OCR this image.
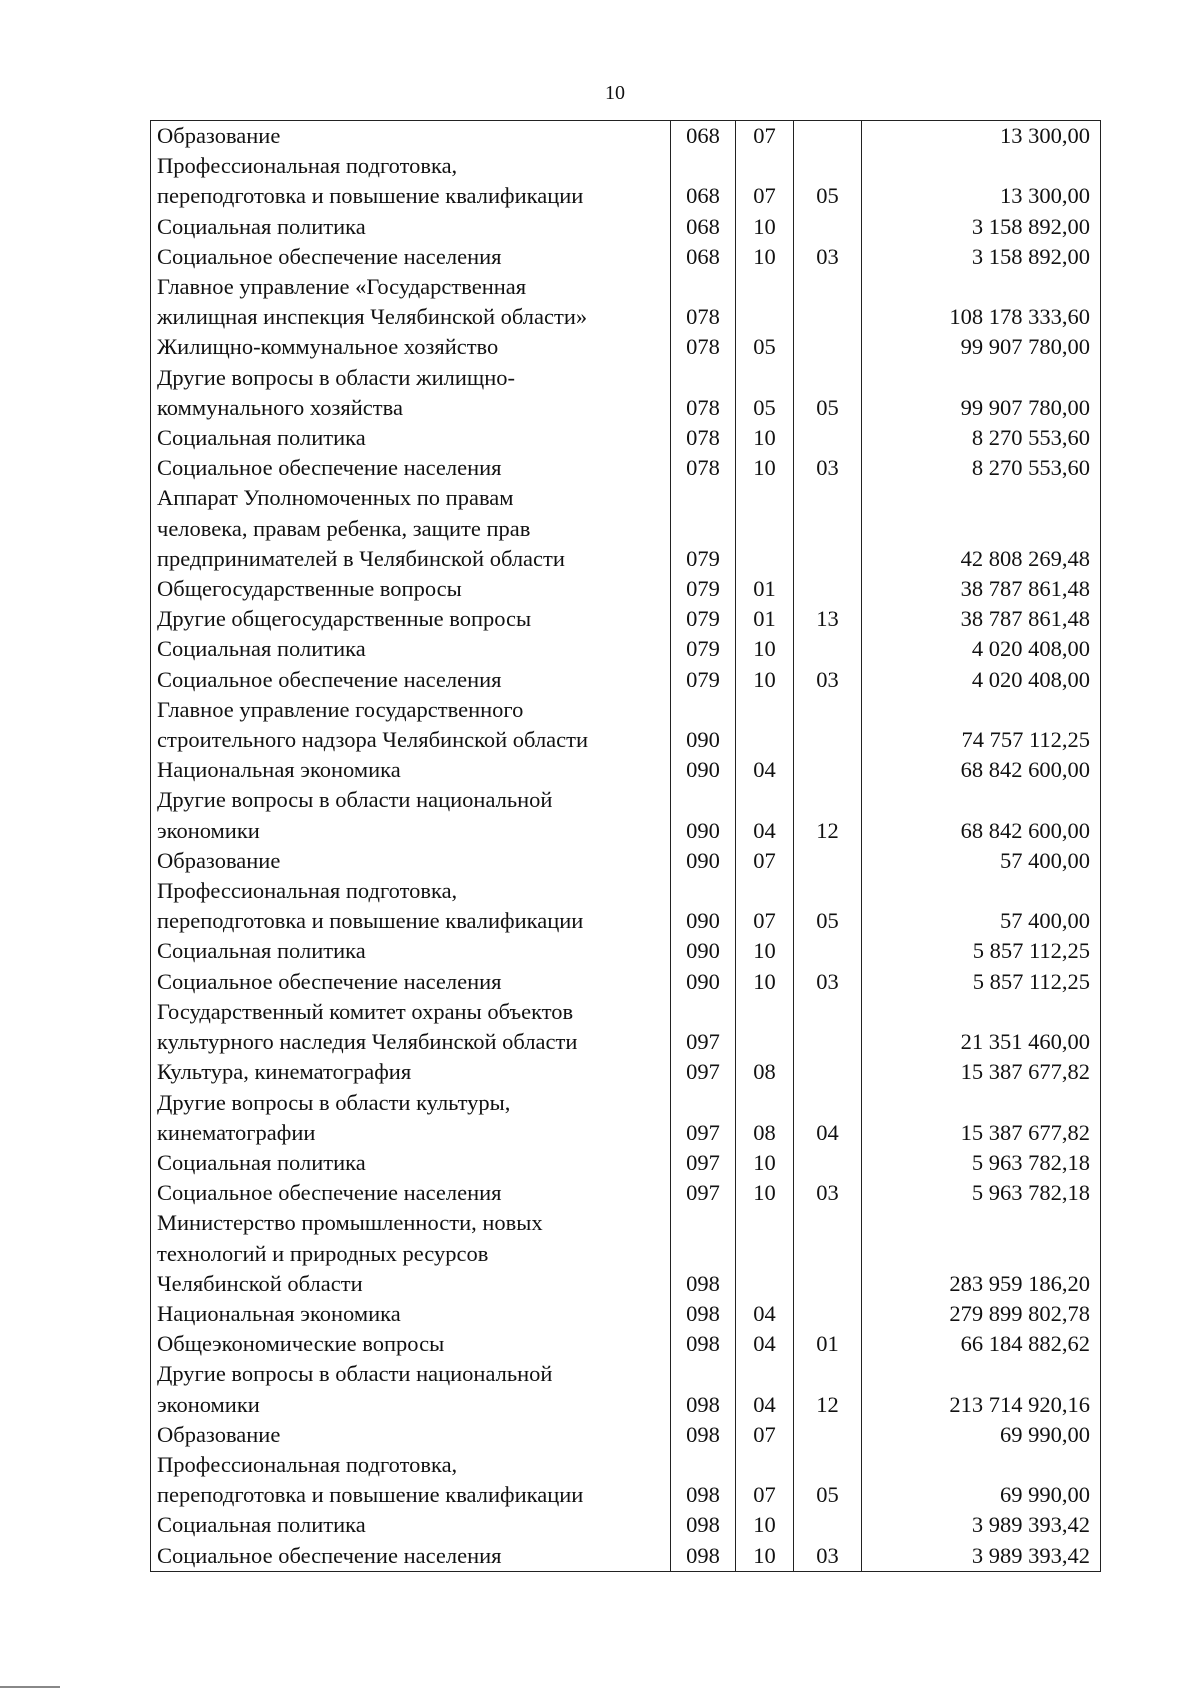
10
Образование	068	07		13 300,00

Профессиональная подготовка,
переподготовка и повышение квалификации	068	07	05	13 300,00

Социальная политика	068	10		3 158 892,00

Социальное обеспечение населения	068	10	03	3 158 892,00

Главное управление «Государственная
жилищная инспекция Челябинской области»	078			108 178 333,60

Жилищно-коммунальное хозяйство	078	05		99 907 780,00

Другие вопросы в области жилищно-
коммунального хозяйства	078	05	05	99 907 780,00

Социальная политика	078	10		8 270 553,60

Социальное обеспечение населения	078	10	03	8 270 553,60

Аппарат Уполномоченных по правам
человека, правам ребенка, защите прав
предпринимателей в Челябинской области	079			42 808 269,48

Общегосударственные вопросы	079	01		38 787 861,48

Другие общегосударственные вопросы	079	01	13	38 787 861,48

Социальная политика	079	10		4 020 408,00

Социальное обеспечение населения	079	10	03	4 020 408,00

Главное управление государственного
строительного надзора Челябинской области	090			74 757 112,25

Национальная экономика	090	04		68 842 600,00

Другие вопросы в области национальной
экономики	090	04	12	68 842 600,00

Образование	090	07		57 400,00

Профессиональная подготовка,
переподготовка и повышение квалификации	090	07	05	57 400,00

Социальная политика	090	10		5 857 112,25

Социальное обеспечение населения	090	10	03	5 857 112,25

Государственный комитет охраны объектов
культурного наследия Челябинской области	097			21 351 460,00

Культура, кинематография	097	08		15 387 677,82

Другие вопросы в области культуры,
кинематографии	097	08	04	15 387 677,82

Социальная политика	097	10		5 963 782,18

Социальное обеспечение населения	097	10	03	5 963 782,18

Министерство промышленности, новых
технологий и природных ресурсов
Челябинской области	098			283 959 186,20

Национальная экономика	098	04		279 899 802,78

Общеэкономические вопросы	098	04	01	66 184 882,62

Другие вопросы в области национальной
экономики	098	04	12	213 714 920,16

Образование	098	07		69 990,00

Профессиональная подготовка,
переподготовка и повышение квалификации	098	07	05	69 990,00

Социальная политика	098	10		3 989 393,42

Социальное обеспечение населения	098	10	03	3 989 393,42
